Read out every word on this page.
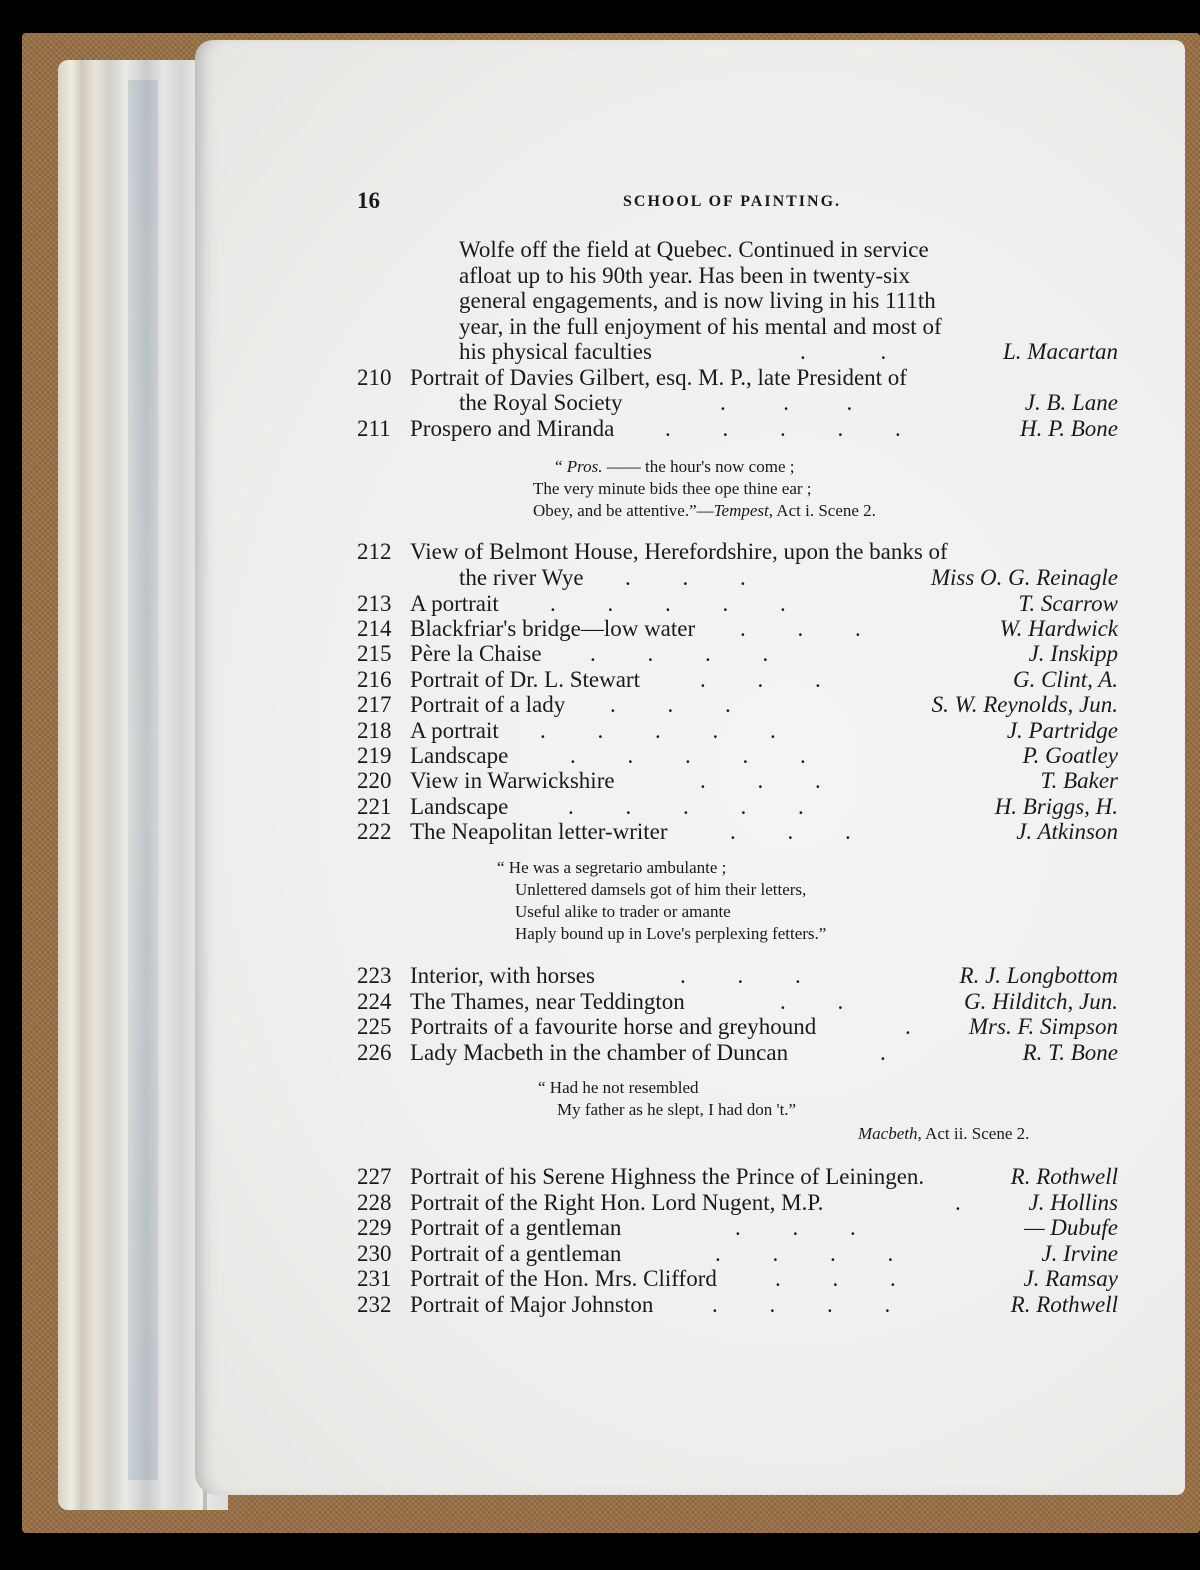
16	SCHOOL OF PAINTING.
Wolfe off the field at Quebec. Continued in service
afloat up to his 90th year. Has been in twenty-six
general engagements, and is now living in his 111th
year, in the full enjoyment of his mental and most of
his physical faculties	.             .	L. Macartan
210 Portrait of Davies Gilbert, esq. M. P., late President of
the Royal Society	.          .          .	J. B. Lane
211 Prospero and Miranda .         .         .         .         .	H. P. Bone
“ Pros. —— the hour's now come ;
The very minute bids thee ope thine ear ;
Obey, and be attentive.”—Tempest, Act i. Scene 2.
212 View of Belmont House, Herefordshire, upon the banks of
the river Wye .         .         .	Miss O. G. Reinagle
213 A portrait .         .         .         .         .	T. Scarrow
214 Blackfriar's bridge—low water .         .         .	W. Hardwick
215 Père la Chaise .         .         .         .	J. Inskipp
216 Portrait of Dr. L. Stewart	.         .         .	G. Clint, A.
217 Portrait of a lady .         .         .	S. W. Reynolds, Jun.
218 A portrait .         .         .         .         .	J. Partridge
219 Landscape	.         .         .         .         .	P. Goatley
220 View in Warwickshire	.         .         .	T. Baker
221 Landscape	.         .         .         .         .	H. Briggs, H.
222 The Neapolitan letter-writer	.         .         .	J. Atkinson
“ He was a segretario ambulante ;
Unlettered damsels got of him their letters,
Useful alike to trader or amante
Haply bound up in Love's perplexing fetters.”
223 Interior, with horses	.         .         .	R. J. Longbottom
224 The Thames, near Teddington	.         .	G. Hilditch, Jun.
225 Portraits of a favourite horse and greyhound	.	Mrs. F. Simpson
226 Lady Macbeth in the chamber of Duncan	.	R. T. Bone
“ Had he not resembled
My father as he slept, I had don 't.”
Macbeth, Act ii. Scene 2.
227 Portrait of his Serene Highness the Prince of Leiningen.	R. Rothwell
228 Portrait of the Right Hon. Lord Nugent, M.P.	.	J. Hollins
229 Portrait of a gentleman	.         .         .	— Dubufe
230 Portrait of a gentleman	.         .         .         .	J. Irvine
231 Portrait of the Hon. Mrs. Clifford	.         .         .	J. Ramsay
232 Portrait of Major Johnston	.         .         .         .	R. Rothwell
